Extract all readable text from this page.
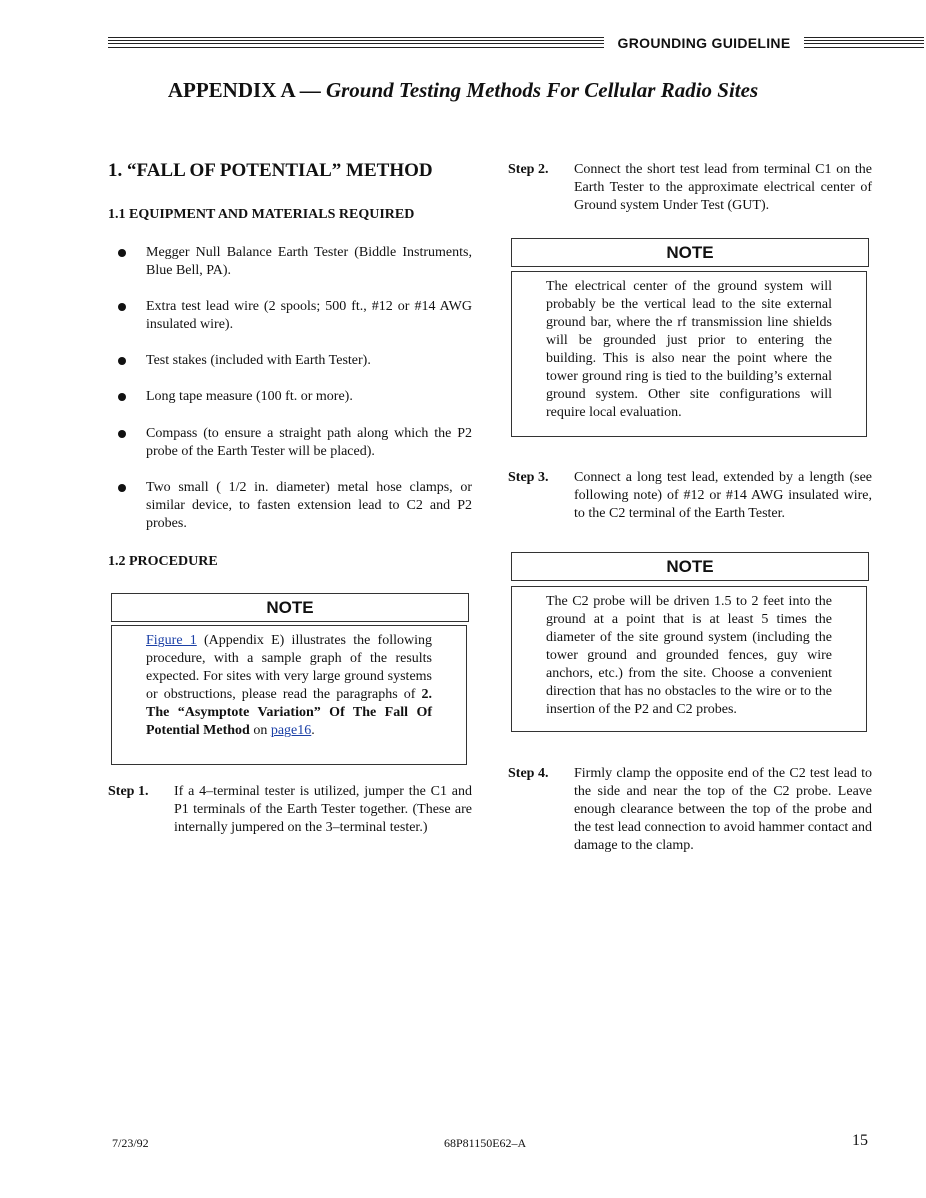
GROUNDING GUIDELINE
APPENDIX A — Ground Testing Methods For Cellular Radio Sites
1. “FALL OF POTENTIAL” METHOD
1.1 EQUIPMENT AND MATERIALS REQUIRED
Megger Null Balance Earth Tester (Biddle Instruments, Blue Bell, PA).
Extra test lead wire (2 spools; 500 ft., #12 or #14 AWG insulated wire).
Test stakes (included with Earth Tester).
Long tape measure (100 ft. or more).
Compass (to ensure a straight path along which the P2 probe of the Earth Tester will be placed).
Two small ( 1/2 in. diameter) metal hose clamps, or similar device, to fasten extension lead to C2 and P2 probes.
1.2 PROCEDURE
NOTE
Figure 1 (Appendix E) illustrates the following procedure, with a sample graph of the results expected. For sites with very large ground systems or obstructions, please read the paragraphs of 2. The “Asymptote Variation” Of The Fall Of Potential Method on page16.
Step 1. If a 4–terminal tester is utilized, jumper the C1 and P1 terminals of the Earth Tester together. (These are internally jumpered on the 3–terminal tester.)
Step 2. Connect the short test lead from terminal C1 on the Earth Tester to the approximate electrical center of Ground system Under Test (GUT).
NOTE
The electrical center of the ground system will probably be the vertical lead to the site external ground bar, where the rf transmission line shields will be grounded just prior to entering the building. This is also near the point where the tower ground ring is tied to the building’s external ground system. Other site configurations will require local evaluation.
Step 3. Connect a long test lead, extended by a length (see following note) of #12 or #14 AWG insulated wire, to the C2 terminal of the Earth Tester.
NOTE
The C2 probe will be driven 1.5 to 2 feet into the ground at a point that is at least 5 times the diameter of the site ground system (including the tower ground and grounded fences, guy wire anchors, etc.) from the site. Choose a convenient direction that has no obstacles to the wire or to the insertion of the P2 and C2 probes.
Step 4. Firmly clamp the opposite end of the C2 test lead to the side and near the top of the C2 probe. Leave enough clearance between the top of the probe and the test lead connection to avoid hammer contact and damage to the clamp.
7/23/92	68P81150E62–A	15
